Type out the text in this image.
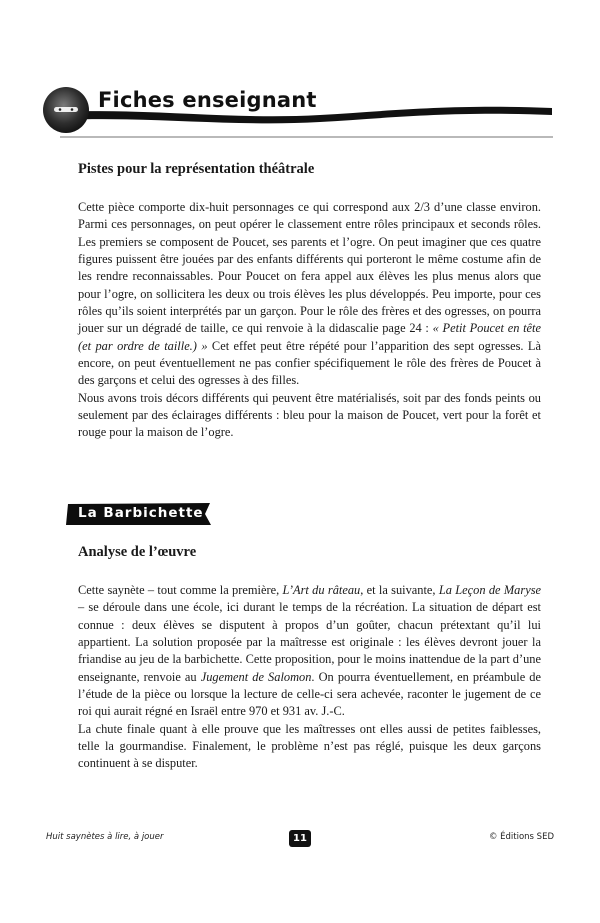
Fiches enseignant
Pistes pour la représentation théâtrale

Cette pièce comporte dix-huit personnages ce qui correspond aux 2/3 d’une classe environ. Parmi ces personnages, on peut opérer le classement entre rôles principaux et seconds rôles. Les premiers se composent de Poucet, ses parents et l’ogre. On peut imaginer que ces quatre figures puissent être jouées par des enfants différents qui porteront le même costume afin de les rendre reconnaissables. Pour Poucet on fera appel aux élèves les plus menus alors que pour l’ogre, on sollicitera les deux ou trois élèves les plus développés. Peu importe, pour ces rôles qu’ils soient interprétés par un garçon. Pour le rôle des frères et des ogresses, on pourra jouer sur un dégradé de taille, ce qui renvoie à la didascalie page 24 : « Petit Poucet en tête (et par ordre de taille.) » Cet effet peut être répété pour l’apparition des sept ogresses. Là encore, on peut éventuellement ne pas confier spécifiquement le rôle des frères de Poucet à des garçons et celui des ogresses à des filles.

Nous avons trois décors différents qui peuvent être matérialisés, soit par des fonds peints ou seulement par des éclairages différents : bleu pour la maison de Poucet, vert pour la forêt et rouge pour la maison de l’ogre.

La Barbichette
Analyse de l’œuvre

Cette saynète – tout comme la première, L’Art du râteau, et la suivante, La Leçon de Maryse – se déroule dans une école, ici durant le temps de la récréation. La situation de départ est connue : deux élèves se disputent à propos d’un goûter, chacun prétextant qu’il lui appartient. La solution proposée par la maîtresse est originale : les élèves devront jouer la friandise au jeu de la barbichette. Cette proposition, pour le moins inattendue de la part d’une enseignante, renvoie au Jugement de Salomon. On pourra éventuellement, en préambule de l’étude de la pièce ou lorsque la lecture de celle-ci sera achevée, raconter le jugement de ce roi qui aurait régné en Israël entre 970 et 931 av. J.-C.

La chute finale quant à elle prouve que les maîtresses ont elles aussi de petites faiblesses, telle la gourmandise. Finalement, le problème n’est pas réglé, puisque les deux garçons continuent à se disputer.

Huit saynètes à lire, à jouer	11	© Éditions SED
